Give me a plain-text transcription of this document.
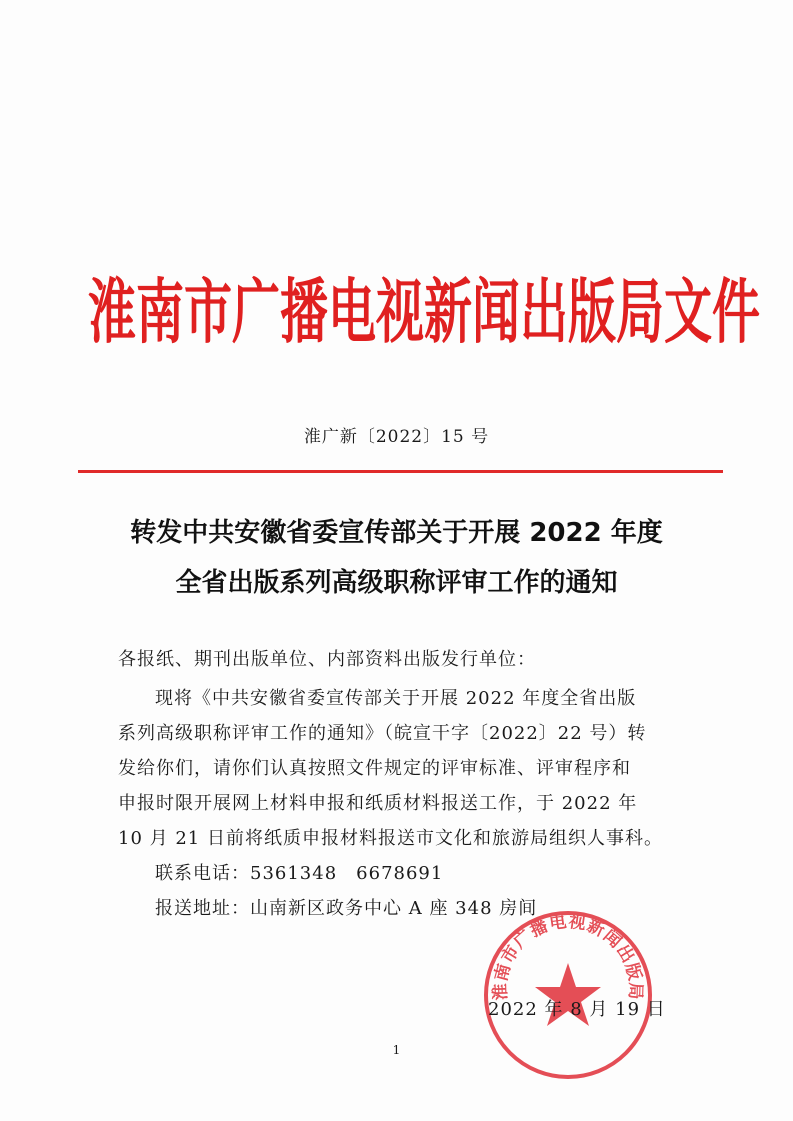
淮南市广播电视新闻出版局文件
淮广新〔2022〕15 号
转发中共安徽省委宣传部关于开展 2022 年度
全省出版系列高级职称评审工作的通知
各报纸、期刊出版单位、内部资料出版发行单位：
现将《中共安徽省委宣传部关于开展 2022 年度全省出版
系列高级职称评审工作的通知》（皖宣干字〔2022〕22 号）转
发给你们，请你们认真按照文件规定的评审标准、评审程序和
申报时限开展网上材料申报和纸质材料报送工作，于 2022 年
10 月 21 日前将纸质申报材料报送市文化和旅游局组织人事科。
联系电话：5361348　6678691
报送地址：山南新区政务中心 A 座 348 房间
淮南市广播电视新闻出版局
2022 年 8 月 19 日
1
